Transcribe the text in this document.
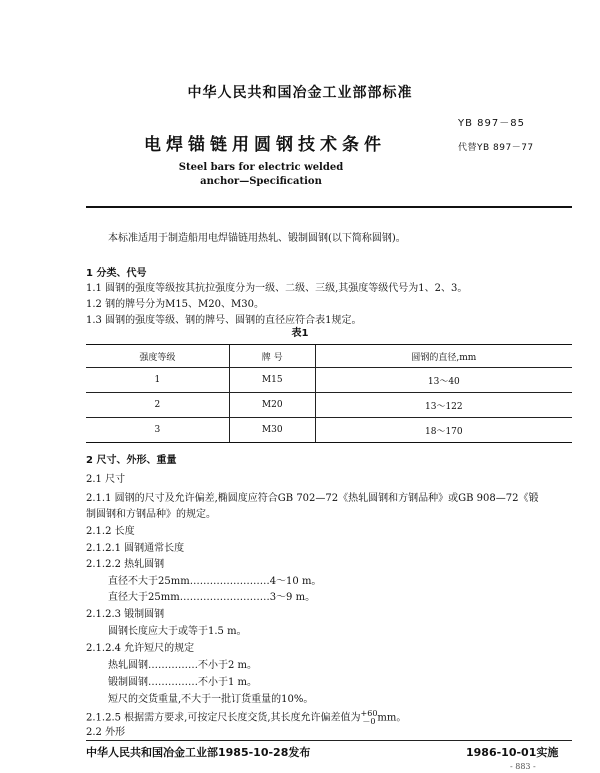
中华人民共和国冶金工业部部标准
YB 897－85
电焊锚链用圆钢技术条件	代替YB 897－77
Steel bars for electric welded
anchor—Specification
本标准适用于制造船用电焊锚链用热轧、锻制圆钢(以下简称圆钢)。
1 分类、代号
1.1 圆钢的强度等级按其抗拉强度分为一级、二级、三级,其强度等级代号为1、2、3。
1.2 钢的牌号分为M15、M20、M30。
1.3 圆钢的强度等级、钢的牌号、圆钢的直径应符合表1规定。
表1
强度等级	牌 号	圆钢的直径,mm
1	M15	13～40
2	M20	13～122
3	M30	18～170
2 尺寸、外形、重量
2.1 尺寸
2.1.1 圆钢的尺寸及允许偏差,椭圆度应符合GB 702—72《热轧圆钢和方钢品种》或GB 908—72《锻
制圆钢和方钢品种》的规定。
2.1.2 长度
2.1.2.1 圆钢通常长度
2.1.2.2 热轧圆钢
直径不大于25mm……………………4～10 m。
直径大于25mm………………………3～9 m。
2.1.2.3 锻制圆钢
圆钢长度应大于或等于1.5 m。
2.1.2.4 允许短尺的规定
热轧圆钢……………不小于2 m。
锻制圆钢……………不小于1 m。
短尺的交货重量,不大于一批订货重量的10%。
2.1.2.5 根据需方要求,可按定尺长度交货,其长度允许偏差值为+60
－0 mm。
2.2 外形
中华人民共和国冶金工业部1985-10-28发布	1986-10-01实施
- 883 -
